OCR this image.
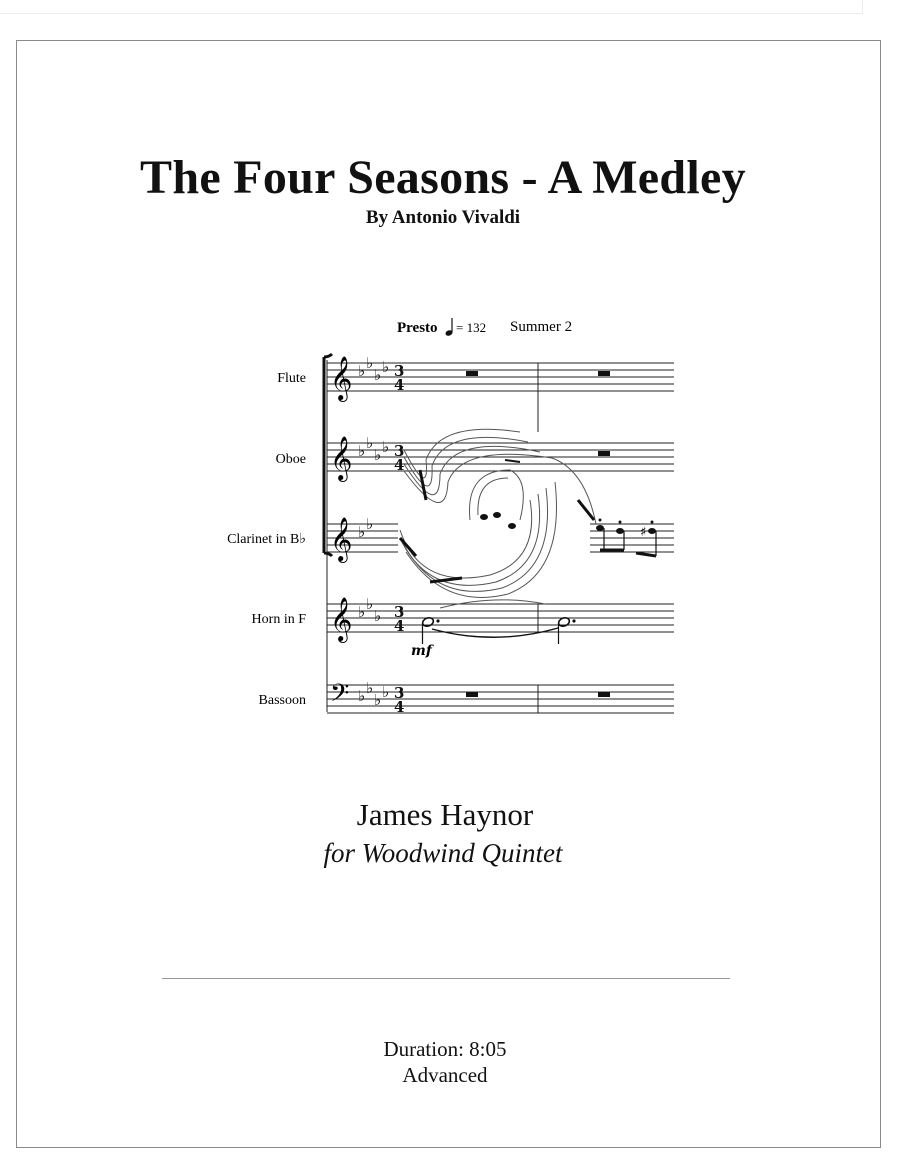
The Four Seasons - A Medley
By Antonio Vivaldi
Presto = 132 Summer 2
Flute
Oboe
Clarinet in B♭
Horn in F
Bassoon
𝄞
𝄞
𝄞
𝄞
𝄢
♭ ♭
♭ ♭
♭ ♭
♭ ♭
♭ ♭
♭ ♭
♭
♭ ♭
♭ ♭
3
4
3
4
3
4
3
4
♯
mf
James Haynor
for Woodwind Quintet
Duration: 8:05
Advanced
